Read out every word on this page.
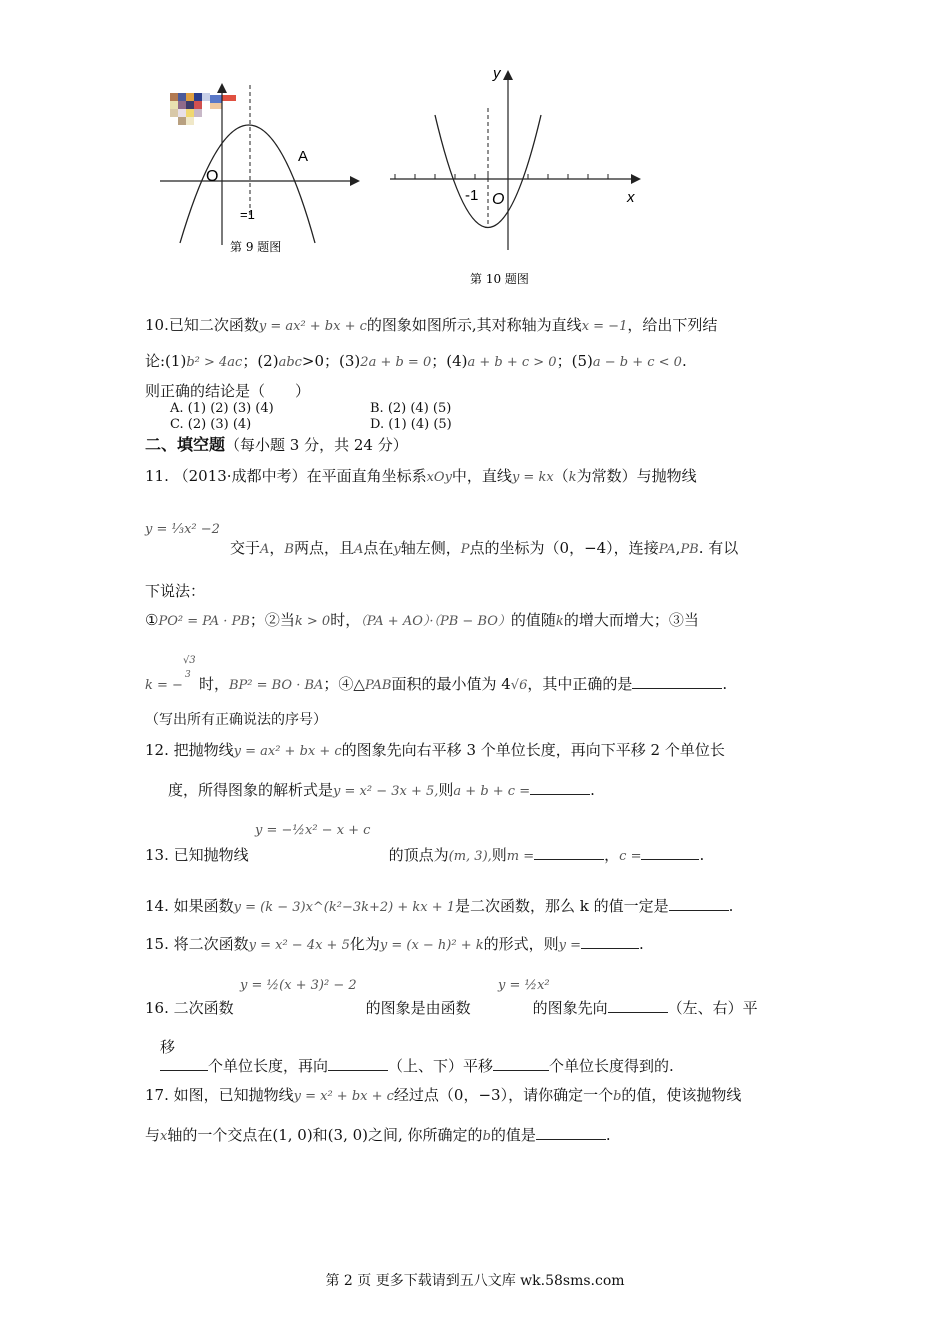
A
O
=1
第 9 题图
y
x
-1 O
第 10 题图
10.已知二次函数y = ax² + bx + c的图象如图所示,其对称轴为直线x = −1，给出下列结
论:(1)b² > 4ac；(2)abc>0；(3)2a + b = 0；(4)a + b + c > 0；(5)a − b + c < 0.
则正确的结论是（　　）
A. (1) (2) (3) (4)	B. (2) (4) (5)
C. (2) (3) (4)	D. (1) (4) (5)
二、填空题（每小题 3 分，共 24 分）
11. （2013·成都中考）在平面直角坐标系xOy中，直线y = kx（k为常数）与抛物线
y = ⅓x² −2
交于A，B两点，且A点在y轴左侧，P点的坐标为（0，−4），连接PA,PB. 有以
下说法：
①PO² = PA · PB；②当k > 0时，（PA + AO）·（PB − BO）的值随k的增大而增大；③当
k = −
√3
3 时，BP² = BO · BA；④△PAB面积的最小值为 4√6，其中正确的是	.
（写出所有正确说法的序号）
12. 把抛物线y = ax² + bx + c的图象先向右平移 3 个单位长度，再向下平移 2 个单位长
度，所得图象的解析式是y = x² − 3x + 5,则a + b + c =	.
y = −½x² − x + c
13. 已知抛物线	的顶点为(m, 3),则m =	，c =	.
14. 如果函数y = (k − 3)x^(k²−3k+2) + kx + 1是二次函数，那么 k 的值一定是	.
15. 将二次函数y = x² − 4x + 5化为y = (x − h)² + k的形式，则y =	.
y = ½(x + 3)² − 2	y = ½x²
16. 二次函数	的图象是由函数	的图象先向	（左、右）平
移
个单位长度，再向	（上、下）平移	个单位长度得到的.
17. 如图，已知抛物线y = x² + bx + c经过点（0，−3），请你确定一个b的值，使该抛物线
与x轴的一个交点在(1, 0)和(3, 0)之间, 你所确定的b的值是	.
第 2 页 更多下载请到五八文库 wk.58sms.com
